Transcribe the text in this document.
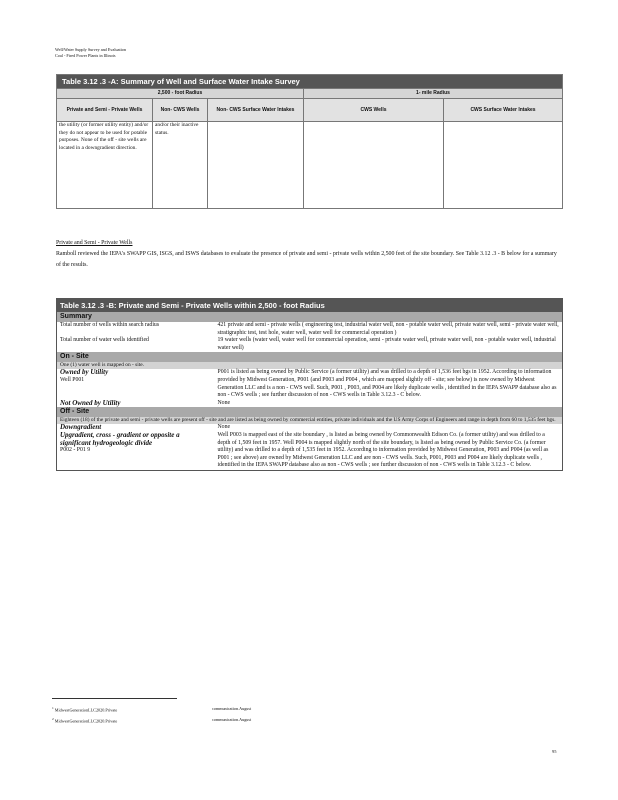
Well/Water Supply Survey and Evaluation
Coal - Fired Power Plants in Illinois
Table 3.12 .3 -A: Summary of Well and Surface Water Intake Survey				
2,500 - foot Radius			1- mile Radius	
Private and Semi - Private Wells	Non- CWS Wells	Non- CWS Surface Water Intakes	CWS Wells	CWS Surface Water Intakes
the utility (or former utility entity) and/or they do not appear to be used for potable purposes. None of the off - site wells are located in a downgradient direction.	and/or their inactive status.			
Private and Semi - Private Wells
Ramboll reviewed the IEPA's SWAPP GIS, ISGS, and ISWS databases to evaluate the presence of private and semi - private wells within 2,500 feet of the site boundary. See Table 3.12 .3 - B below for a summary of the results.
Table 3.12 .3 -B: Private and Semi - Private Wells within 2,500 - foot Radius	
Summary	
Total number of wells within search radius	421 private and semi - private wells ( engineering test, industrial water well, non - potable water well, private water well, semi - private water well, stratigraphic test, test hole, water well, water well for commercial operation )
Total number of water wells identified	19 water wells (water well, water well for commercial operation, semi - private water well, private water well, non - potable water well, industrial water well)
On - Site	
One (1) water well is mapped on - site.	

Owned by Utility
Well P001	P001 is listed as being owned by Public Service (a former utility) and was drilled to a depth of 1,536 feet bgs in 1952. According to information provided by Midwest Generation, P001 (and P003 and P004 , which are mapped slightly off - site; see below) is now owned by Midwest Generation LLC and is a non - CWS well. Such, P001 , P003, and P004 are likely duplicate wells , identified in the IEPA SWAPP database also as non - CWS wells ; see further discussion of non - CWS wells in Table 3.12.3 - C below.
Not Owned by Utility	None
Off - Site	
Eighteen (18) of the private and semi - private wells are present off - site and are listed as being owned by commercial entities, private individuals and the US Army Corps of Engineers and range in depth from 60 to 1,535 feet bgs.	
Downgradient	None

Upgradient, cross - gradient or opposite a significant hydrogeologic divide
P002 - P01 9	Well P003 is mapped east of the site boundary , is listed as being owned by Commonwealth Edison Co. (a former utility) and was drilled to a depth of 1,509 feet in 1957. Well P004 is mapped slightly north of the site boundary, is listed as being owned by Public Service Co. (a former utility) and was drilled to a depth of 1,535 feet in 1952. According to information provided by Midwest Generation, P003 and P004 (as well as P001 ; see above) are owned by Midwest Generation LLC and are non - CWS wells. Such, P001, P003 and P004 are likely duplicate wells , identified in the IEPA SWAPP database also as non - CWS wells ; see further discussion of non - CWS wells in Table 3.12.3 - C below.
$^1$ MidwestGenerationLLC2020.Private	communication.August
$^2$ MidwestGenerationLLC2020.Private	communication.August
95
